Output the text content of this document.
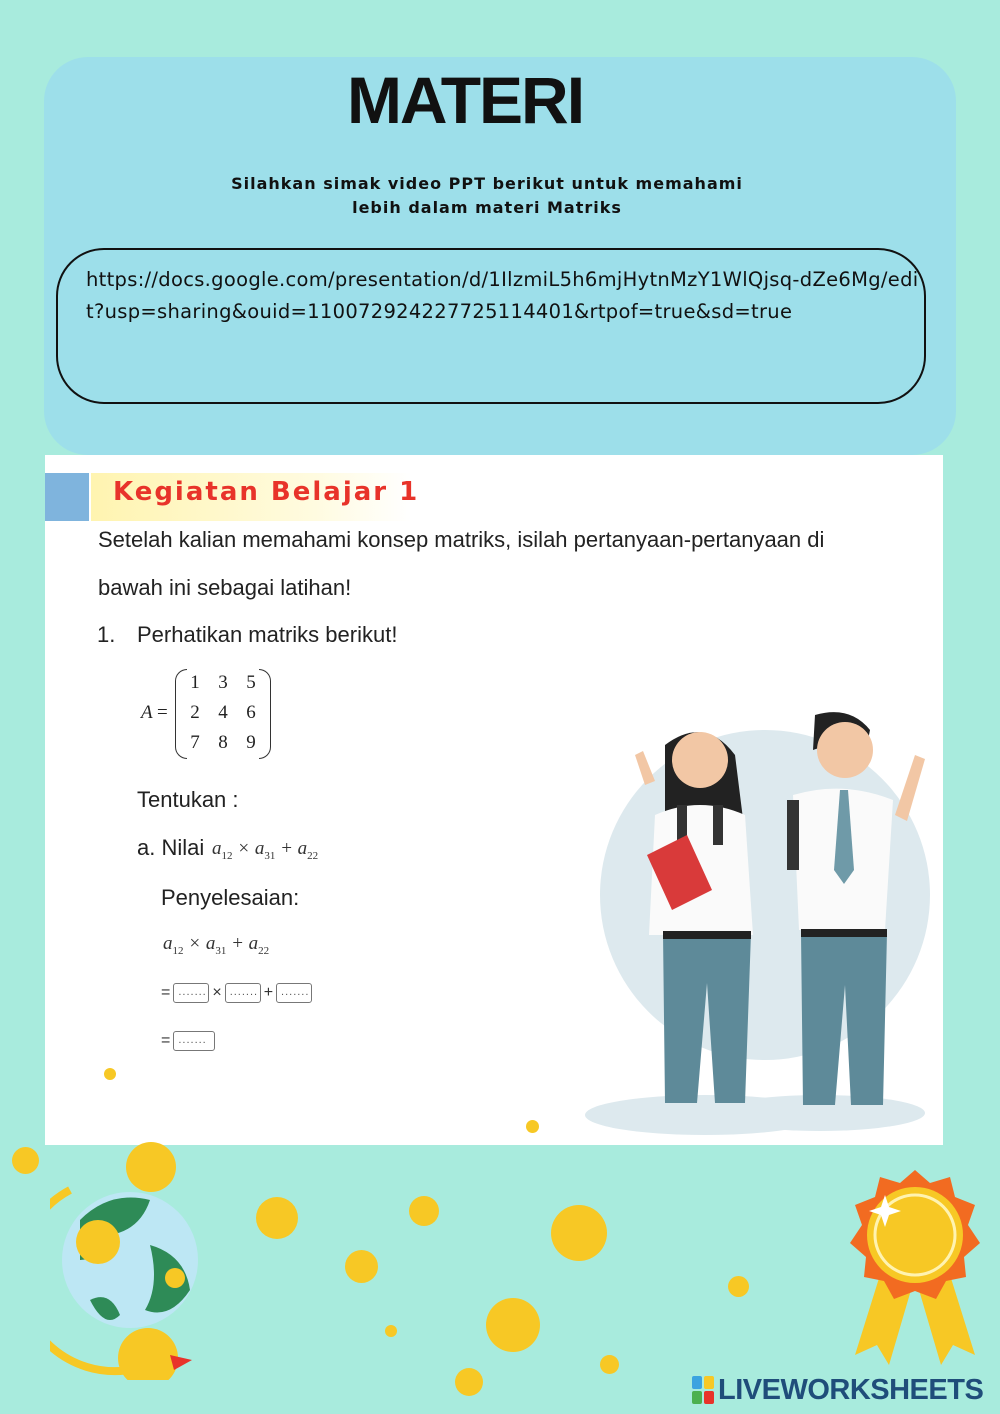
MATERI
Silahkan simak video PPT berikut untuk memahami
lebih dalam materi Matriks
https://docs.google.com/presentation/d/1IlzmiL5h6mjHytnMzY1WlQjsq-dZe6Mg/edit?usp=sharing&ouid=110072924227725114401&rtpof=true&sd=true
Kegiatan Belajar 1
Setelah kalian memahami konsep matriks, isilah pertanyaan-pertanyaan di
bawah ini sebagai latihan!
1. Perhatikan matriks berikut!
A =
1 3 5
2 4 6
7 8 9
Tentukan :
a. Nilai $a_{12} \times a_{31} + a_{22}$
Penyelesaian:
$a_{12} \times a_{31} + a_{22}$
= .......	× .......	+
.......
=
.......
LIVEWORKSHEETS
